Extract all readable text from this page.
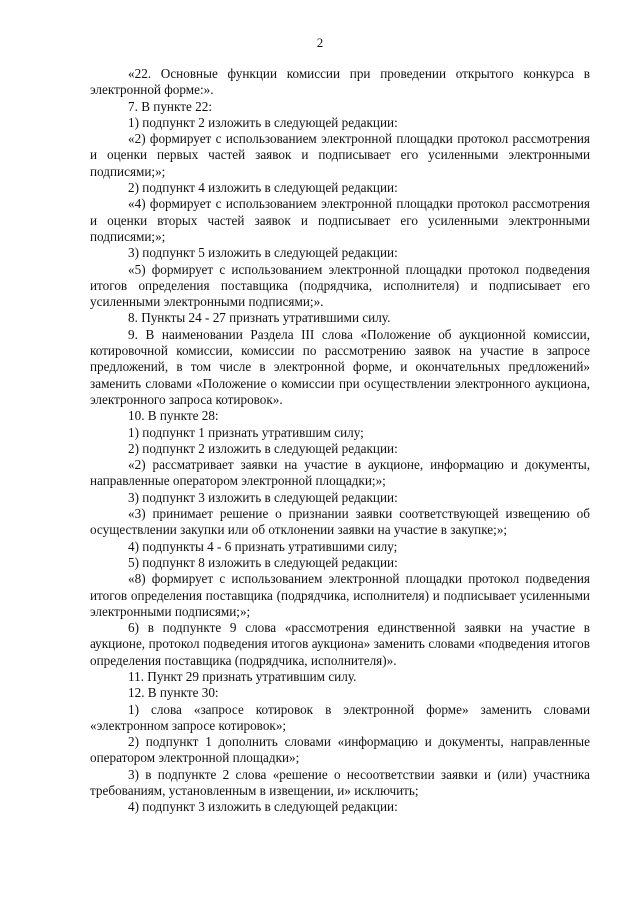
2

«22. Основные функции комиссии при проведении открытого конкурса в электронной форме:».

7. В пункте 22:

1) подпункт 2 изложить в следующей редакции:

«2) формирует с использованием электронной площадки протокол рассмотрения и оценки первых частей заявок и подписывает его усиленными электронными подписями;»;

2) подпункт 4 изложить в следующей редакции:

«4) формирует с использованием электронной площадки протокол рассмотрения и оценки вторых частей заявок и подписывает его усиленными электронными подписями;»;

3) подпункт 5 изложить в следующей редакции:

«5) формирует с использованием электронной площадки протокол подведения итогов определения поставщика (подрядчика, исполнителя) и подписывает его усиленными электронными подписями;».

8. Пункты 24 - 27 признать утратившими силу.

9. В наименовании Раздела III слова «Положение об аукционной комиссии, котировочной комиссии, комиссии по рассмотрению заявок на участие в запросе предложений, в том числе в электронной форме, и окончательных предложений» заменить словами «Положение о комиссии при осуществлении электронного аукциона, электронного запроса котировок».

10. В пункте 28:

1) подпункт 1 признать утратившим силу;

2) подпункт 2 изложить в следующей редакции:

«2) рассматривает заявки на участие в аукционе, информацию и документы, направленные оператором электронной площадки;»;

3) подпункт 3 изложить в следующей редакции:

«3) принимает решение о признании заявки соответствующей извещению об осуществлении закупки или об отклонении заявки на участие в закупке;»;

4) подпункты 4 - 6 признать утратившими силу;

5) подпункт 8 изложить в следующей редакции:

«8) формирует с использованием электронной площадки протокол подведения итогов определения поставщика (подрядчика, исполнителя) и подписывает усиленными электронными подписями;»;

6) в подпункте 9 слова «рассмотрения единственной заявки на участие в аукционе, протокол подведения итогов аукциона» заменить словами «подведения итогов определения поставщика (подрядчика, исполнителя)».

11. Пункт 29 признать утратившим силу.

12. В пункте 30:

1) слова «запросе котировок в электронной форме» заменить словами «электронном запросе котировок»;

2) подпункт 1 дополнить словами «информацию и документы, направленные оператором электронной площадки»;

3) в подпункте 2 слова «решение о несоответствии заявки и (или) участника требованиям, установленным в извещении, и» исключить;

4) подпункт 3 изложить в следующей редакции:
